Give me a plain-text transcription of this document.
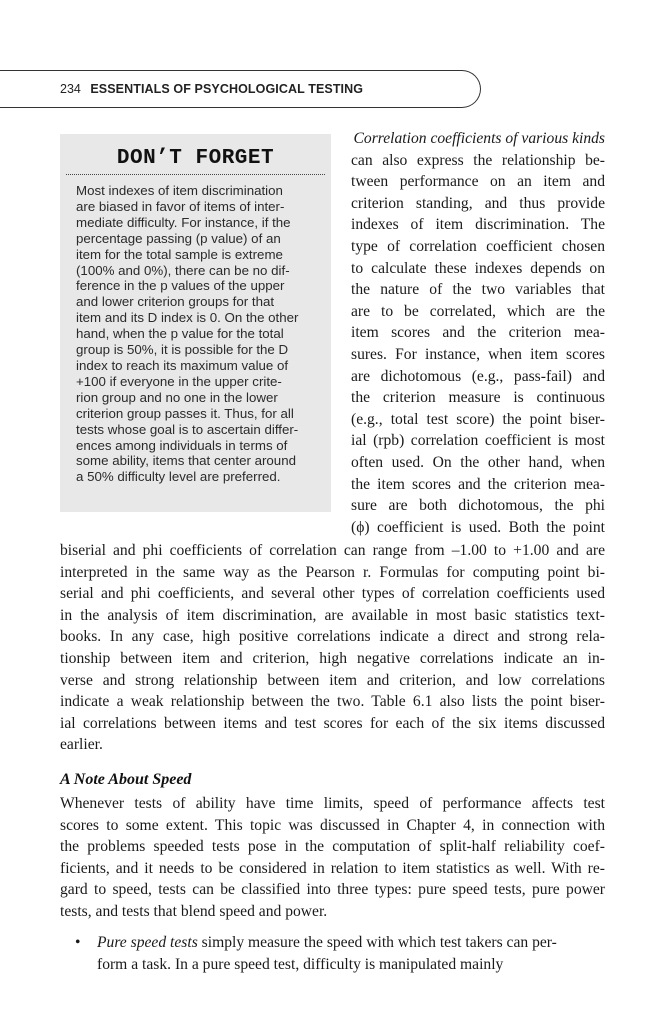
234 ESSENTIALS OF PSYCHOLOGICAL TESTING
DON’T FORGET
Most indexes of item discrimination
are biased in favor of items of inter-
mediate difficulty. For instance, if the
percentage passing (p value) of an
item for the total sample is extreme
(100% and 0%), there can be no dif-
ference in the p values of the upper
and lower criterion groups for that
item and its D index is 0. On the other
hand, when the p value for the total
group is 50%, it is possible for the D
index to reach its maximum value of
+100 if everyone in the upper crite-
rion group and no one in the lower
criterion group passes it. Thus, for all
tests whose goal is to ascertain differ-
ences among individuals in terms of
some ability, items that center around
a 50% difficulty level are preferred.
Correlation coefficients of various kinds
can also express the relationship be-
tween performance on an item and
criterion standing, and thus provide
indexes of item discrimination. The
type of correlation coefficient chosen
to calculate these indexes depends on
the nature of the two variables that
are to be correlated, which are the
item scores and the criterion mea-
sures. For instance, when item scores
are dichotomous (e.g., pass-fail) and
the criterion measure is continuous
(e.g., total test score) the point biser-
ial (rpb) correlation coefficient is most
often used. On the other hand, when
the item scores and the criterion mea-
sure are both dichotomous, the phi
(ϕ) coefficient is used. Both the point
biserial and phi coefficients of correlation can range from –1.00 to +1.00 and are
interpreted in the same way as the Pearson r. Formulas for computing point bi-
serial and phi coefficients, and several other types of correlation coefficients used
in the analysis of item discrimination, are available in most basic statistics text-
books. In any case, high positive correlations indicate a direct and strong rela-
tionship between item and criterion, high negative correlations indicate an in-
verse and strong relationship between item and criterion, and low correlations
indicate a weak relationship between the two. Table 6.1 also lists the point biser-
ial correlations between items and test scores for each of the six items discussed
earlier.
A Note About Speed
Whenever tests of ability have time limits, speed of performance affects test
scores to some extent. This topic was discussed in Chapter 4, in connection with
the problems speeded tests pose in the computation of split-half reliability coef-
ficients, and it needs to be considered in relation to item statistics as well. With re-
gard to speed, tests can be classified into three types: pure speed tests, pure power
tests, and tests that blend speed and power.
• Pure speed tests simply measure the speed with which test takers can per-
form a task. In a pure speed test, difficulty is manipulated mainly
